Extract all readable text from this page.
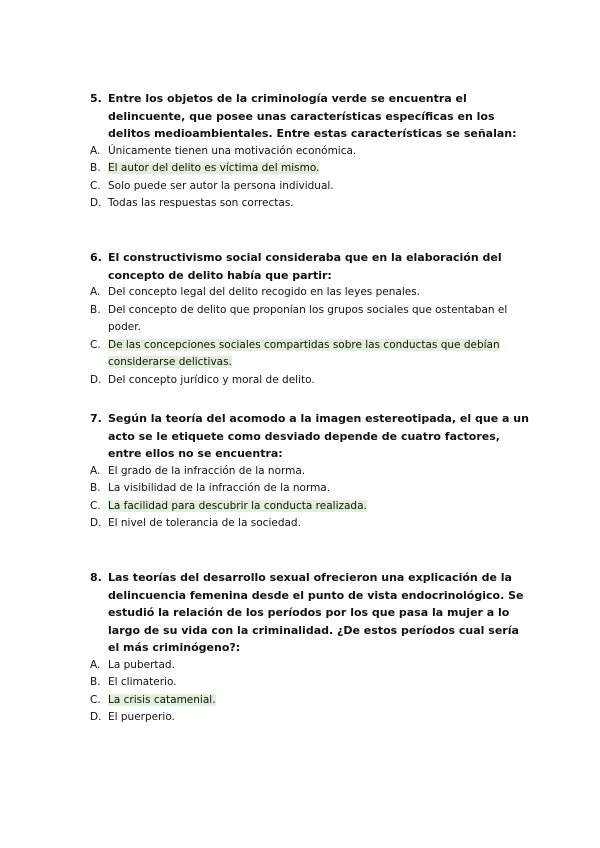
5. Entre los objetos de la criminología verde se encuentra el delincuente, que posee unas características específicas en los delitos medioambientales. Entre estas características se señalan:
A. Únicamente tienen una motivación económica.
B. El autor del delito es víctima del mismo.
C. Solo puede ser autor la persona individual.
D. Todas las respuestas son correctas.
6. El constructivismo social consideraba que en la elaboración del concepto de delito había que partir:
A. Del concepto legal del delito recogido en las leyes penales.
B. Del concepto de delito que proponían los grupos sociales que ostentaban el poder.
C. De las concepciones sociales compartidas sobre las conductas que debían considerarse delictivas.
D. Del concepto jurídico y moral de delito.
7. Según la teoría del acomodo a la imagen estereotipada, el que a un acto se le etiquete como desviado depende de cuatro factores, entre ellos no se encuentra:
A. El grado de la infracción de la norma.
B. La visibilidad de la infracción de la norma.
C. La facilidad para descubrir la conducta realizada.
D. El nivel de tolerancia de la sociedad.
8. Las teorías del desarrollo sexual ofrecieron una explicación de la delincuencia femenina desde el punto de vista endocrinológico. Se estudió la relación de los períodos por los que pasa la mujer a lo largo de su vida con la criminalidad. ¿De estos períodos cual sería el más criminógeno?:
A. La pubertad.
B. El climaterio.
C. La crisis catamenial.
D. El puerperio.
